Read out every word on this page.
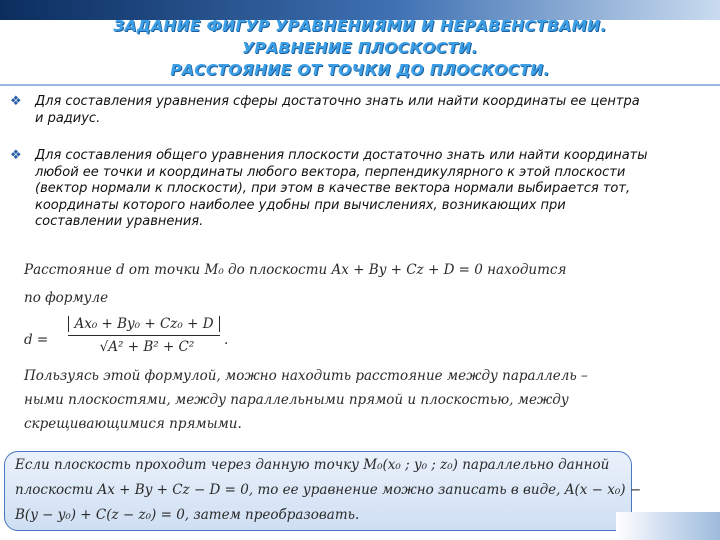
ЗАДАНИЕ ФИГУР УРАВНЕНИЯМИ И НЕРАВЕНСТВАМИ.
УРАВНЕНИЕ ПЛОСКОСТИ.
РАССТОЯНИЕ ОТ ТОЧКИ ДО ПЛОСКОСТИ.
❖ Для составления уравнения сферы достаточно знать или найти координаты ее центра и радиус.
❖ Для составления общего уравнения плоскости достаточно знать или найти координаты любой ее точки и координаты любого вектора, перпендикулярного к этой плоскости (вектор нормали к плоскости), при этом в качестве вектора нормали выбирается тот, координаты которого наиболее удобны при вычислениях, возникающих при составлении уравнения.
Расстояние d от точки M₀ до плоскости Ax + By + Cz + D = 0 находится
по формуле
d =
Ax₀ + By₀ + Cz₀ + D
√A² + B² + C²	.
Пользуясь этой формулой, можно находить расстояние между параллель –
ными плоскостями, между параллельными прямой и плоскостью, между
скрещивающимися прямыми.
Если плоскость проходит через данную точку M₀(x₀ ; y₀ ; z₀) параллельно данной
плоскости Ax + By + Cz − D = 0, то ее уравнение можно записать в виде, A(x − x₀) −
B(y − y₀) + C(z − z₀) = 0, затем преобразовать.
